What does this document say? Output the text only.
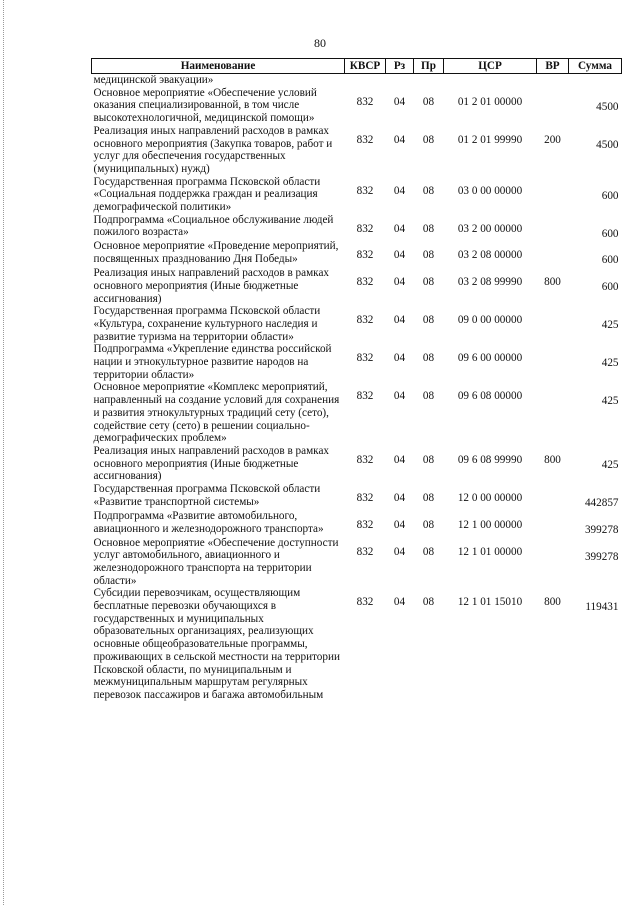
80
Наименование	КВСР	Рз	Пр	ЦСР	ВР	Сумма
медицинской эвакуации»						
Основное мероприятие «Обеспечение условий оказания специализированной, в том числе высокотехнологичной, медицинской помощи»	832	04	08	01 2 01 00000		4500
Реализация иных направлений расходов в рамках основного мероприятия (Закупка товаров, работ и услуг для обеспечения государственных (муниципальных) нужд)	832	04	08	01 2 01 99990	200	4500
Государственная программа Псковской области «Социальная поддержка граждан и реализация демографической политики»	832	04	08	03 0 00 00000		600
Подпрограмма «Социальное обслуживание людей пожилого возраста»	832	04	08	03 2 00 00000		600
Основное мероприятие «Проведение мероприятий, посвященных празднованию Дня Победы»	832	04	08	03 2 08 00000		600
Реализация иных направлений расходов в рамках основного мероприятия (Иные бюджетные ассигнования)	832	04	08	03 2 08 99990	800	600
Государственная программа Псковской области «Культура, сохранение культурного наследия и развитие туризма на территории области»	832	04	08	09 0 00 00000		425
Подпрограмма «Укрепление единства российской нации и этнокультурное развитие народов на территории области»	832	04	08	09 6 00 00000		425
Основное мероприятие «Комплекс мероприятий, направленный на создание условий для сохранения и развития этнокультурных традиций сету (сето), содействие сету (сето) в решении социально-демографических проблем»	832	04	08	09 6 08 00000		425
Реализация иных направлений расходов в рамках основного мероприятия (Иные бюджетные ассигнования)	832	04	08	09 6 08 99990	800	425
Государственная программа Псковской области «Развитие транспортной системы»	832	04	08	12 0 00 00000		442857
Подпрограмма «Развитие автомобильного, авиационного и железнодорожного транспорта»	832	04	08	12 1 00 00000		399278
Основное мероприятие «Обеспечение доступности услуг автомобильного, авиационного и железнодорожного транспорта на территории области»	832	04	08	12 1 01 00000		399278
Субсидии перевозчикам, осуществляющим бесплатные перевозки обучающихся в государственных и муниципальных образовательных организациях, реализующих основные общеобразовательные программы, проживающих в сельской местности на территории Псковской области, по муниципальным и межмуниципальным маршрутам регулярных перевозок пассажиров и багажа автомобильным	832	04	08	12 1 01 15010	800	119431
